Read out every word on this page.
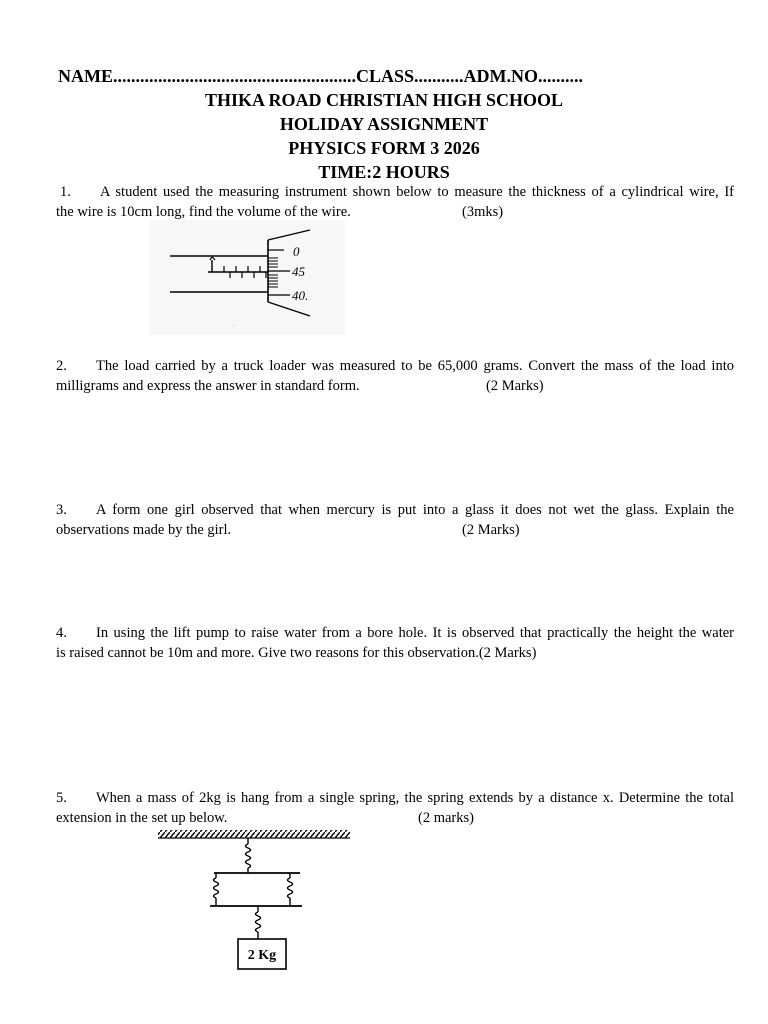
NAME......................................................CLASS...........ADM.NO..........
THIKA ROAD CHRISTIAN HIGH SCHOOL
HOLIDAY ASSIGNMENT
PHYSICS FORM 3 2026
TIME:2 HOURS
1. A student used the measuring instrument shown below to measure the thickness of a cylindrical wire, If
the wire is 10cm long, find the volume of the wire.	(3mks)
0
45
40.
·
2. The load carried by a truck loader was measured to be 65,000 grams. Convert the mass of the load into
milligrams and express the answer in standard form.	(2 Marks)
3. A form one girl observed that when mercury is put into a glass it does not wet the glass. Explain the
observations made by the girl.	(2 Marks)
4. In using the lift pump to raise water from a bore hole. It is observed that practically the height the water
is raised cannot be 10m and more. Give two reasons for this observation.(2 Marks)
5. When a mass of 2kg is hang from a single spring, the spring extends by a distance x. Determine the total
extension in the set up below.	(2 marks)
2 Kg
